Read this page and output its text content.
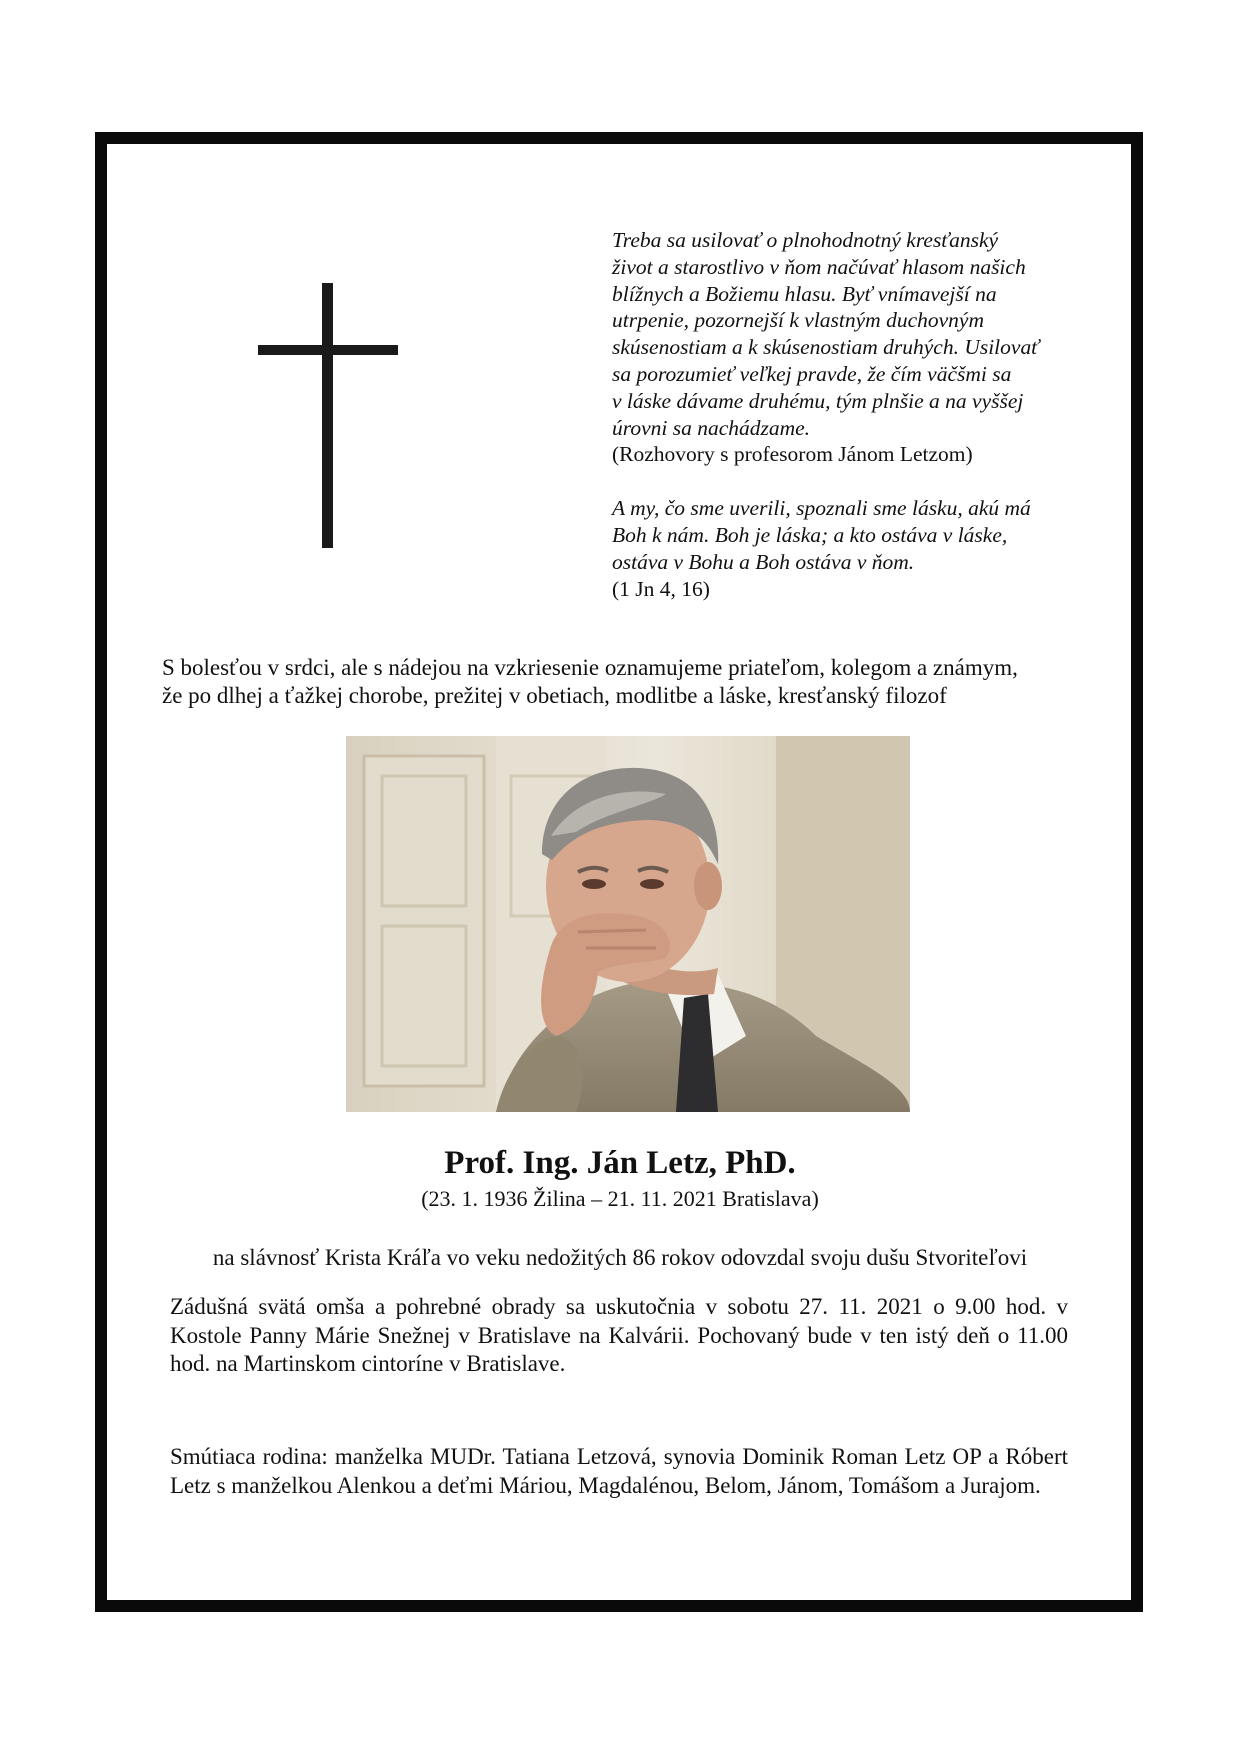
Treba sa usilovať o plnohodnotný kresťanský
život a starostlivo v ňom načúvať hlasom našich
blížnych a Božiemu hlasu. Byť vnímavejší na
utrpenie, pozornejší k vlastným duchovným
skúsenostiam a k skúsenostiam druhých. Usilovať
sa porozumieť veľkej pravde, že čím väčšmi sa
v láske dávame druhému, tým plnšie a na vyššej
úrovni sa nachádzame.

(Rozhovory s profesorom Jánom Letzom)

A my, čo sme uverili, spoznali sme lásku, akú má
Boh k nám. Boh je láska; a kto ostáva v láske,
ostáva v Bohu a Boh ostáva v ňom.

(1 Jn 4, 16)

S bolesťou v srdci, ale s nádejou na vzkriesenie oznamujeme priateľom, kolegom a známym,
že po dlhej a ťažkej chorobe, prežitej v obetiach, modlitbe a láske, kresťanský filozof
Prof. Ing. Ján Letz, PhD.
(23. 1. 1936 Žilina – 21. 11. 2021 Bratislava)
na slávnosť Krista Kráľa vo veku nedožitých 86 rokov odovzdal svoju dušu Stvoriteľovi
Zádušná svätá omša a pohrebné obrady sa uskutočnia v sobotu 27. 11. 2021 o 9.00 hod. v Kostole Panny Márie Snežnej v Bratislave na Kalvárii. Pochovaný bude v ten istý deň o 11.00 hod. na Martinskom cintoríne v Bratislave.
Smútiaca rodina: manželka MUDr. Tatiana Letzová, synovia Dominik Roman Letz OP a Róbert Letz s manželkou Alenkou a deťmi Máriou, Magdalénou, Belom, Jánom, Tomášom a Jurajom.
